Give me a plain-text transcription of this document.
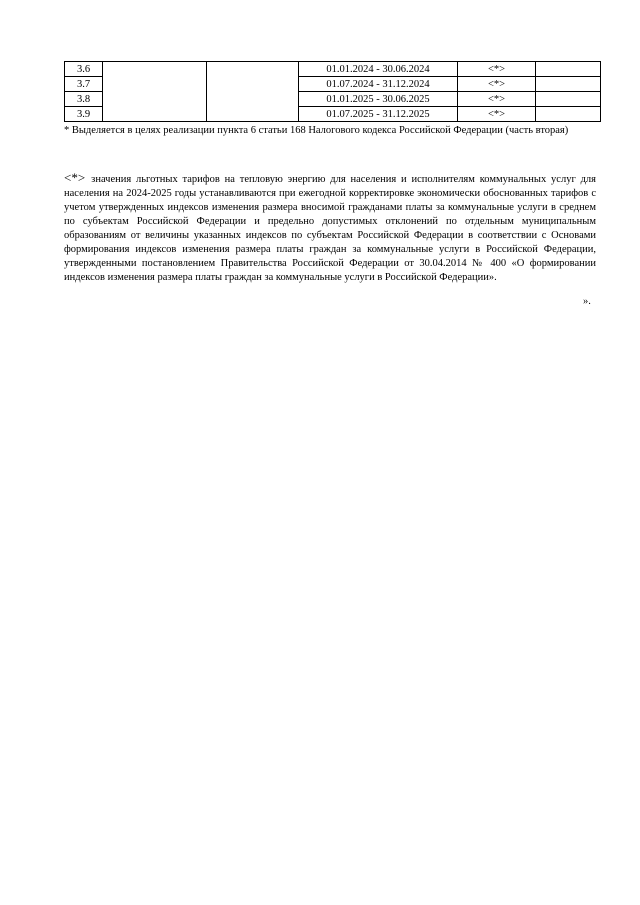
3.6			01.01.2024 - 30.06.2024	<*>	
3.7			01.07.2024 - 31.12.2024	<*>	
3.8			01.01.2025 - 30.06.2025	<*>	
3.9			01.07.2025 - 31.12.2025	<*>	
* Выделяется в целях реализации пункта 6 статьи 168 Налогового кодекса Российской Федерации (часть вторая)
<*> значения льготных тарифов на тепловую энергию для населения и исполнителям коммунальных услуг для населения на 2024-2025 годы устанавливаются при ежегодной корректировке экономически обоснованных тарифов с учетом утвержденных индексов изменения размера вносимой гражданами платы за коммунальные услуги в среднем по субъектам Российской Федерации и предельно допустимых отклонений по отдельным муниципальным образованиям от величины указанных индексов по субъектам Российской Федерации в соответствии с Основами формирования индексов изменения размера платы граждан за коммунальные услуги в Российской Федерации, утвержденными постановлением Правительства Российской Федерации от 30.04.2014 № 400 «О формировании индексов изменения размера платы граждан за коммунальные услуги в Российской Федерации».
».
